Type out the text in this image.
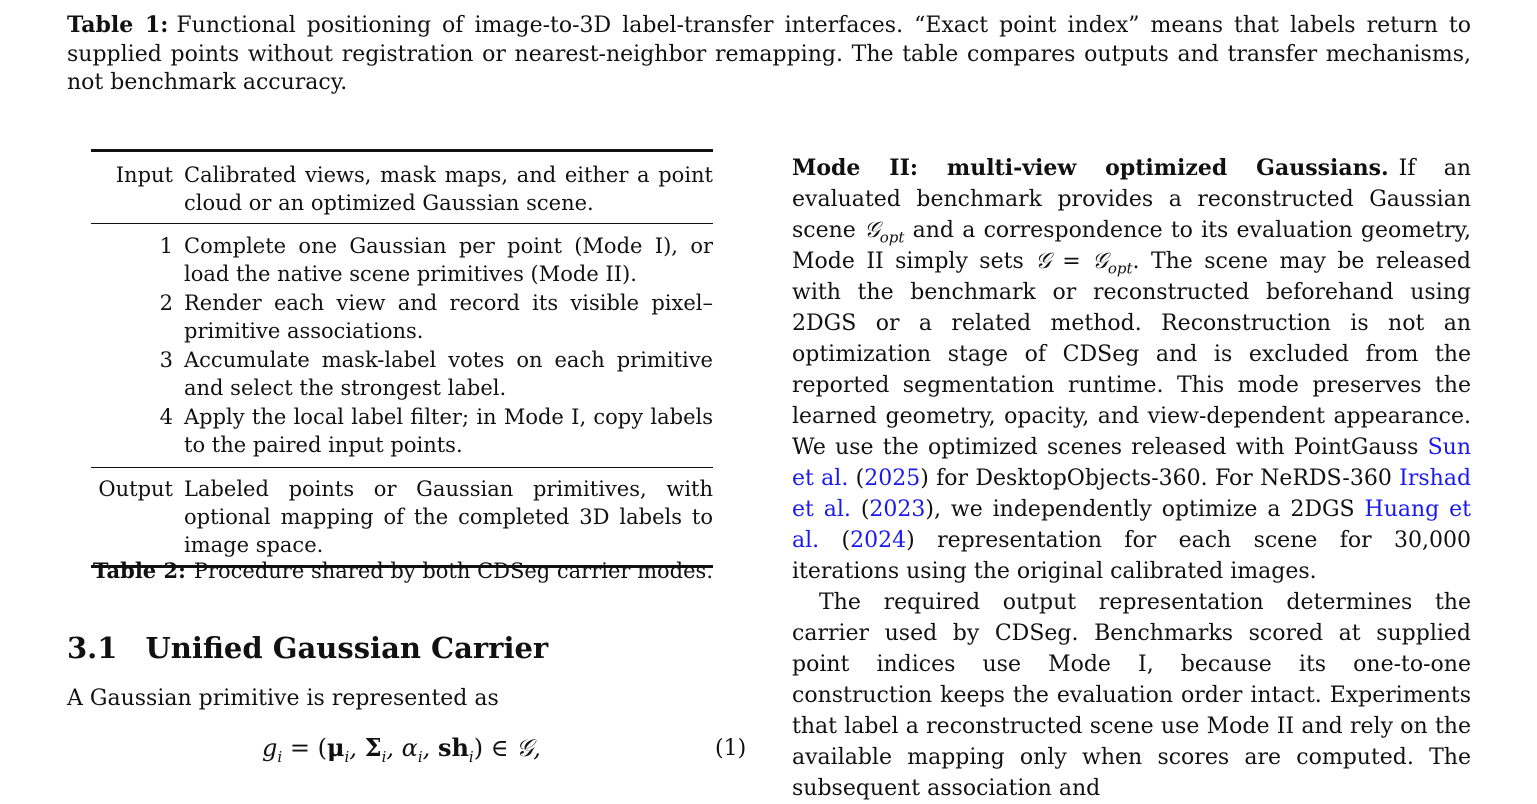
Table 1: Functional positioning of image-to-3D label-transfer interfaces. “Exact point index” means that labels return to supplied points without registration or nearest-neighbor remapping. The table compares outputs and transfer mechanisms, not benchmark accuracy.
Input	Calibrated views, mask maps, and either a point cloud or an optimized Gaussian scene.
1	Complete one Gaussian per point (Mode I), or load the native scene primitives (Mode II).
2	Render each view and record its visible pixel–primitive associations.
3	Accumulate mask-label votes on each primitive and select the strongest label.
4	Apply the local label filter; in Mode I, copy labels to the paired input points.
Output	Labeled points or Gaussian primitives, with optional mapping of the completed 3D labels to image space.
Table 2: Procedure shared by both CDSeg carrier modes.
3.1 Unified Gaussian Carrier
A Gaussian primitive is represented as
$g_i = (\mu_i$, $\Sigma_i$, $\alpha_i$, $sh_i$) ∈ 𝒢,	(1)

Mode II: multi-view optimized Gaussians. If an evaluated benchmark provides a reconstructed Gaussian scene 𝒢$_{opt}$ and a correspondence to its evaluation geometry, Mode II simply sets 𝒢 = 𝒢$_{opt}$. The scene may be released with the benchmark or reconstructed beforehand using 2DGS or a related method. Reconstruction is not an optimization stage of CDSeg and is excluded from the reported segmentation runtime. This mode preserves the learned geometry, opacity, and view-dependent appearance. We use the optimized scenes released with PointGauss Sun et al. (2025) for DesktopObjects-360. For NeRDS-360 Irshad et al. (2023), we independently optimize a 2DGS Huang et al. (2024) representation for each scene for 30,000 iterations using the original calibrated images.

The required output representation determines the carrier used by CDSeg. Benchmarks scored at supplied point indices use Mode I, because its one-to-one construction keeps the evaluation order intact. Experiments that label a reconstructed scene use Mode II and rely on the available mapping only when scores are computed. The subsequent association and
